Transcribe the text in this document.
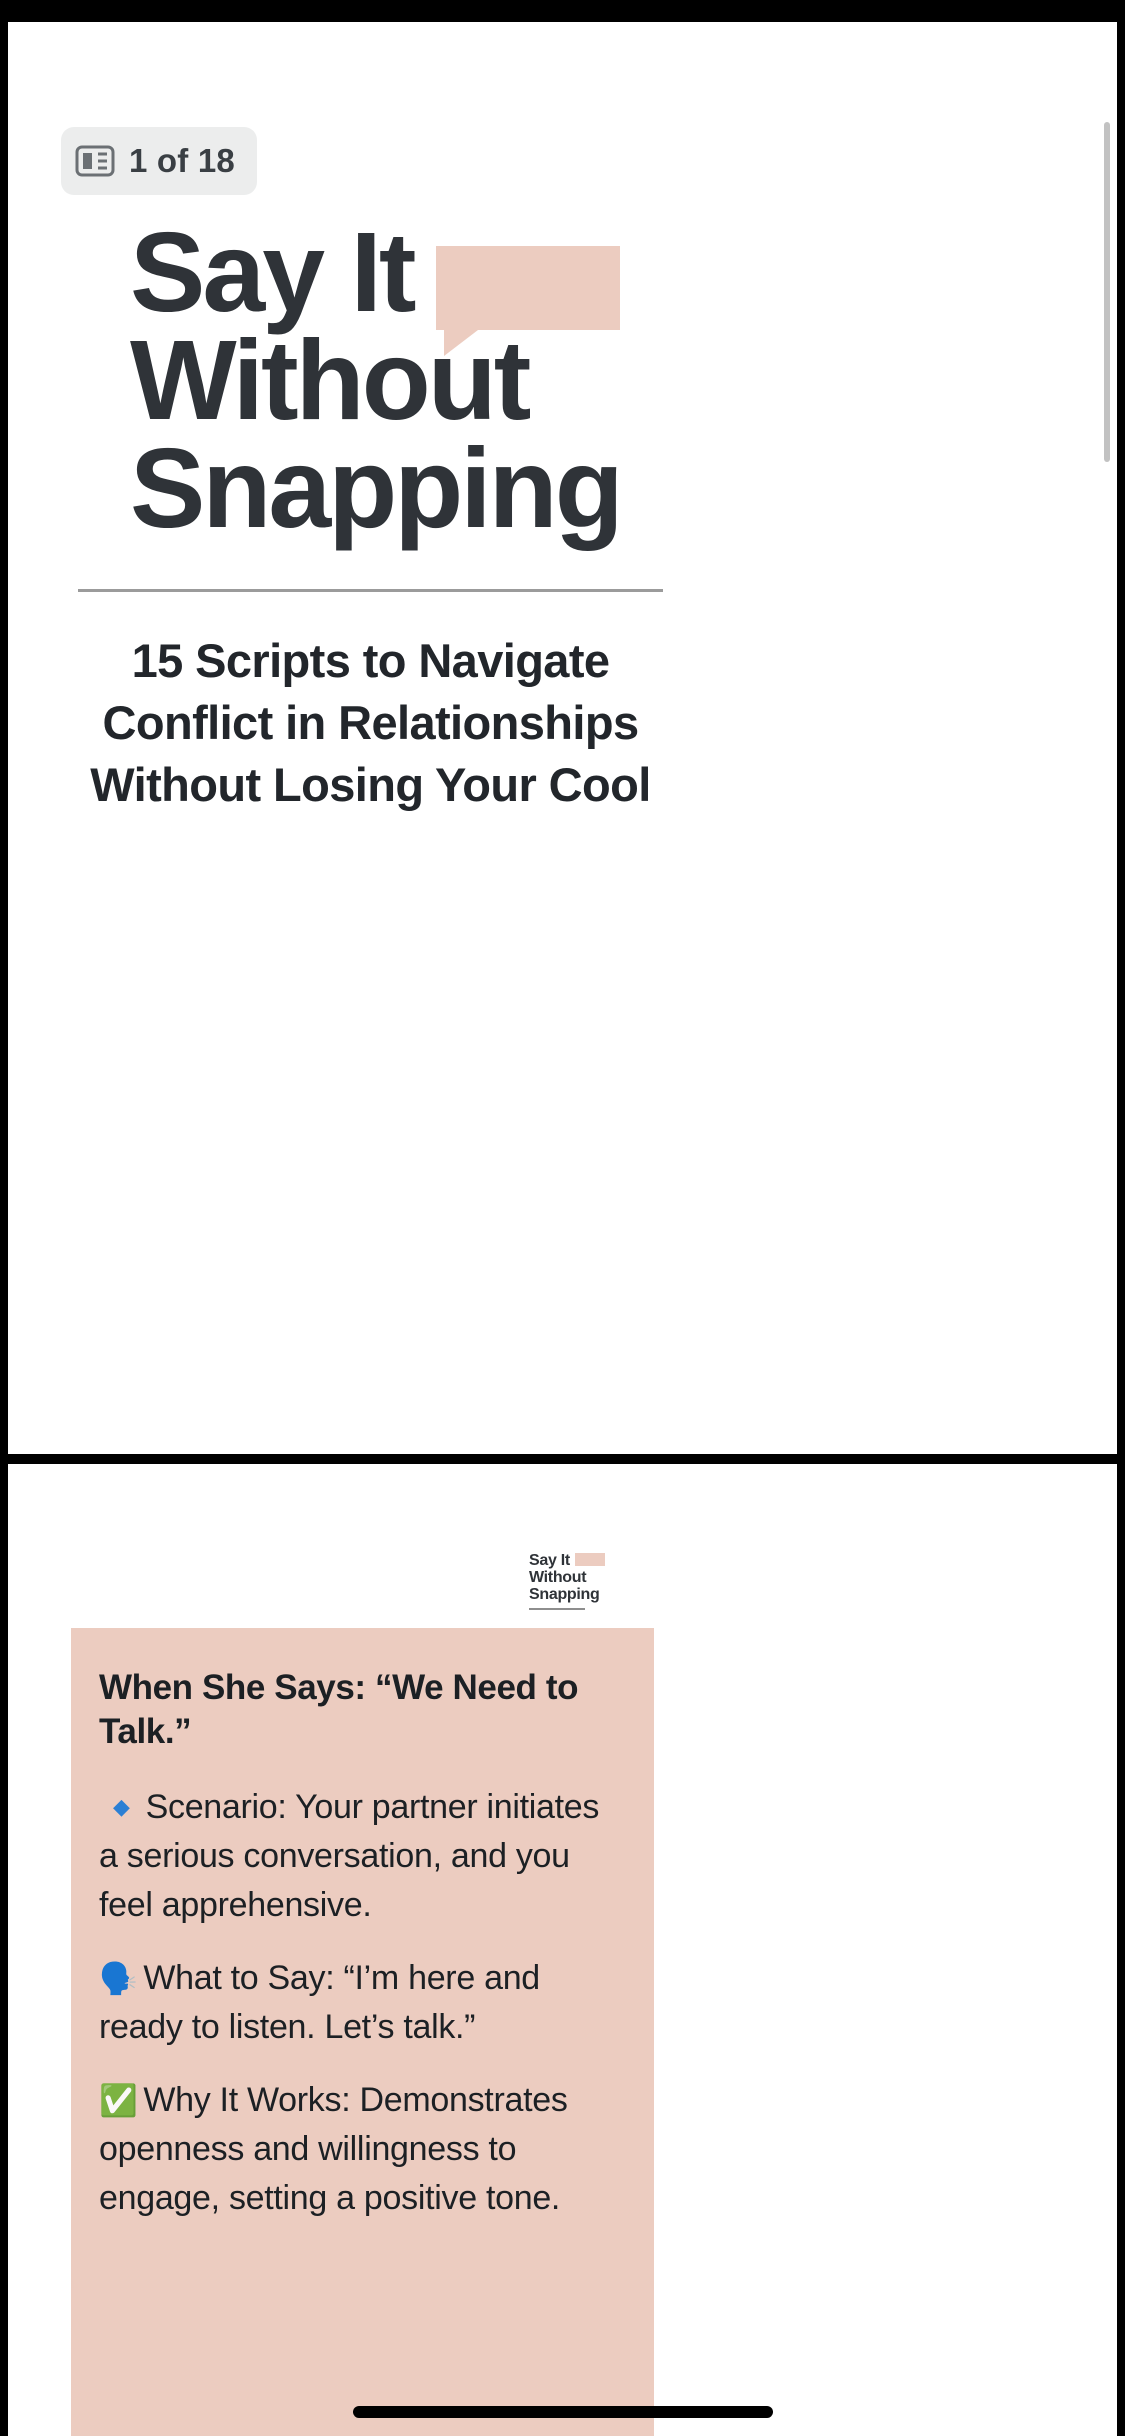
1 of 18
Say It
Without
Snapping
15 Scripts to Navigate
Conflict in Relationships
Without Losing Your Cool
Say It
Without
Snapping
When She Says: “We Need to Talk.”

◆ Scenario: Your partner initiates a serious conversation, and you feel apprehensive.

🗣️ What to Say: “I’m here and ready to listen. Let’s talk.”

✅ Why It Works: Demonstrates openness and willingness to engage, setting a positive tone.
